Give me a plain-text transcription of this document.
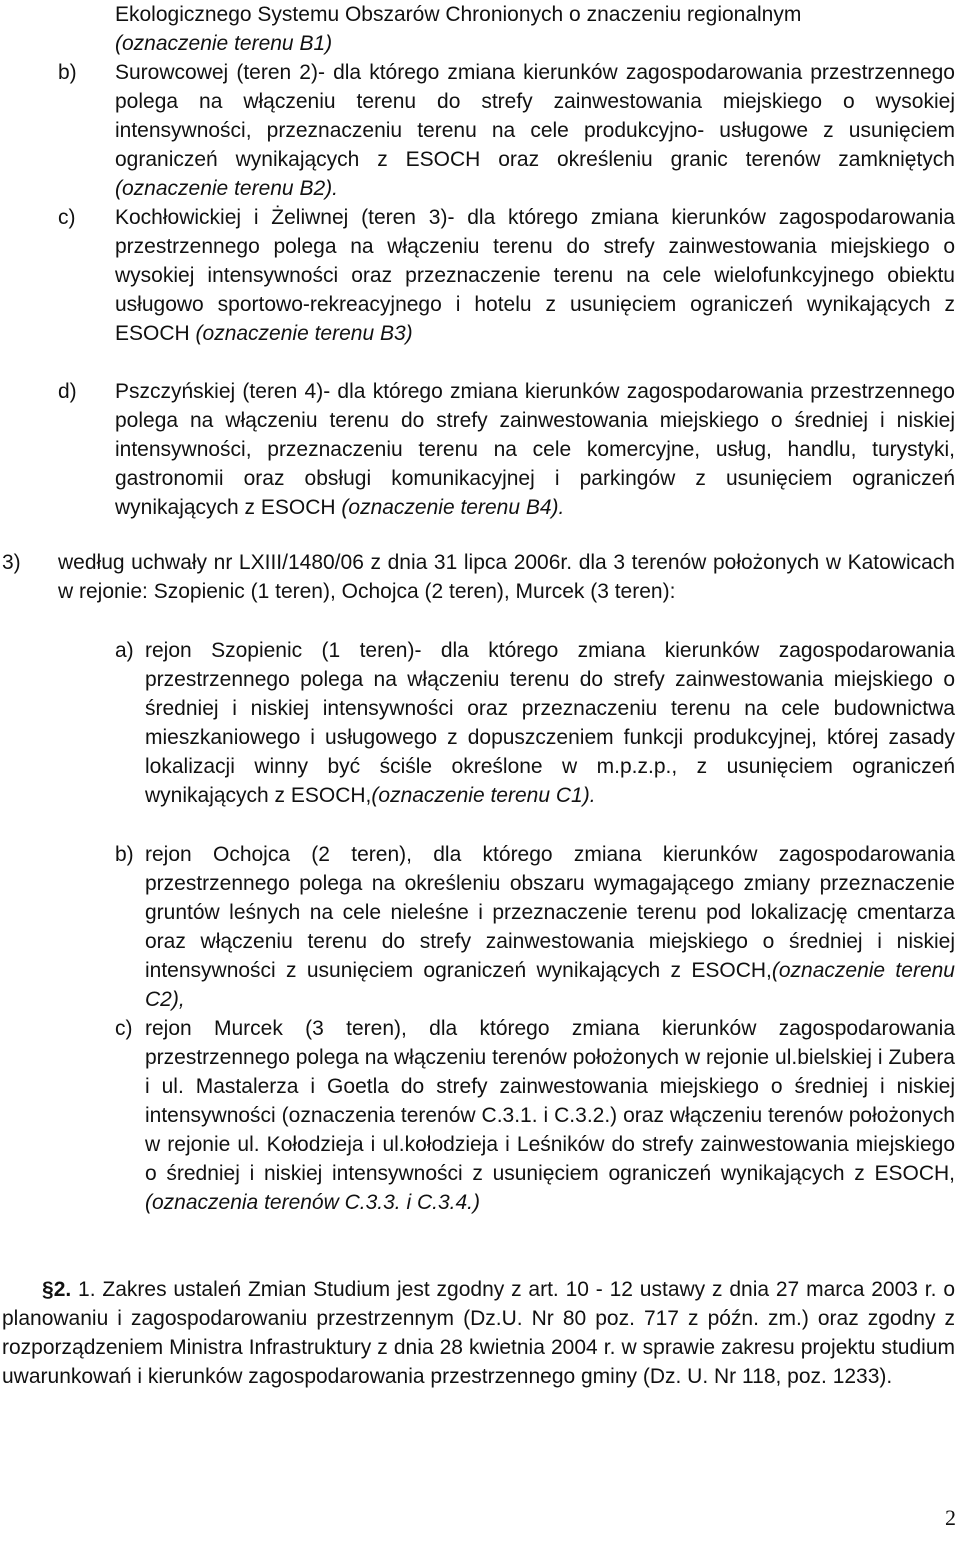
Ekologicznego Systemu Obszarów Chronionych o znaczeniu regionalnym
(oznaczenie terenu B1)

b) Surowcowej (teren 2)- dla którego zmiana kierunków zagospodarowania przestrzennego polega na włączeniu terenu do strefy zainwestowania miejskiego o wysokiej intensywności, przeznaczeniu terenu na cele produkcyjno- usługowe z usunięciem ograniczeń wynikających z ESOCH oraz określeniu granic terenów zamkniętych (oznaczenie terenu B2).

c) Kochłowickiej i Żeliwnej (teren 3)- dla którego zmiana kierunków zagospodarowania przestrzennego polega na włączeniu terenu do strefy zainwestowania miejskiego o wysokiej intensywności oraz przeznaczenie terenu na cele wielofunkcyjnego obiektu usługowo sportowo-rekreacyjnego i hotelu z usunięciem ograniczeń wynikających z ESOCH (oznaczenie terenu B3)

d) Pszczyńskiej (teren 4)- dla którego zmiana kierunków zagospodarowania przestrzennego polega na włączeniu terenu do strefy zainwestowania miejskiego o średniej i niskiej intensywności, przeznaczeniu terenu na cele komercyjne, usług, handlu, turystyki, gastronomii oraz obsługi komunikacyjnej i parkingów z usunięciem ograniczeń wynikających z ESOCH (oznaczenie terenu B4).

3) według uchwały nr LXIII/1480/06 z dnia 31 lipca 2006r. dla 3 terenów położonych w Katowicach w rejonie: Szopienic (1 teren), Ochojca (2 teren), Murcek (3 teren):

a) rejon Szopienic (1 teren)- dla którego zmiana kierunków zagospodarowania przestrzennego polega na włączeniu terenu do strefy zainwestowania miejskiego o średniej i niskiej intensywności oraz przeznaczeniu terenu na cele budownictwa mieszkaniowego i usługowego z dopuszczeniem funkcji produkcyjnej, której zasady lokalizacji winny być ściśle określone w m.p.z.p., z usunięciem ograniczeń wynikających z ESOCH,(oznaczenie terenu C1).

b) rejon Ochojca (2 teren), dla którego zmiana kierunków zagospodarowania przestrzennego polega na określeniu obszaru wymagającego zmiany przeznaczenie gruntów leśnych na cele nieleśne i przeznaczenie terenu pod lokalizację cmentarza oraz włączeniu terenu do strefy zainwestowania miejskiego o średniej i niskiej intensywności z usunięciem ograniczeń wynikających z ESOCH,(oznaczenie terenu C2),

c) rejon Murcek (3 teren), dla którego zmiana kierunków zagospodarowania przestrzennego polega na włączeniu terenów położonych w rejonie ul.bielskiej i Zubera i ul. Mastalerza i Goetla do strefy zainwestowania miejskiego o średniej i niskiej intensywności (oznaczenia terenów C.3.1. i C.3.2.) oraz włączeniu terenów położonych w rejonie ul. Kołodzieja i ul.kołodzieja i Leśników do strefy zainwestowania miejskiego o średniej i niskiej intensywności z usunięciem ograniczeń wynikających z ESOCH,(oznaczenia terenów C.3.3. i C.3.4.)

§2. 1. Zakres ustaleń Zmian Studium jest zgodny z art. 10 - 12 ustawy z dnia 27 marca 2003 r. o planowaniu i zagospodarowaniu przestrzennym (Dz.U. Nr 80 poz. 717 z późn. zm.) oraz zgodny z rozporządzeniem Ministra Infrastruktury z dnia 28 kwietnia 2004 r. w sprawie zakresu projektu studium uwarunkowań i kierunków zagospodarowania przestrzennego gminy (Dz. U. Nr 118, poz. 1233).

2
